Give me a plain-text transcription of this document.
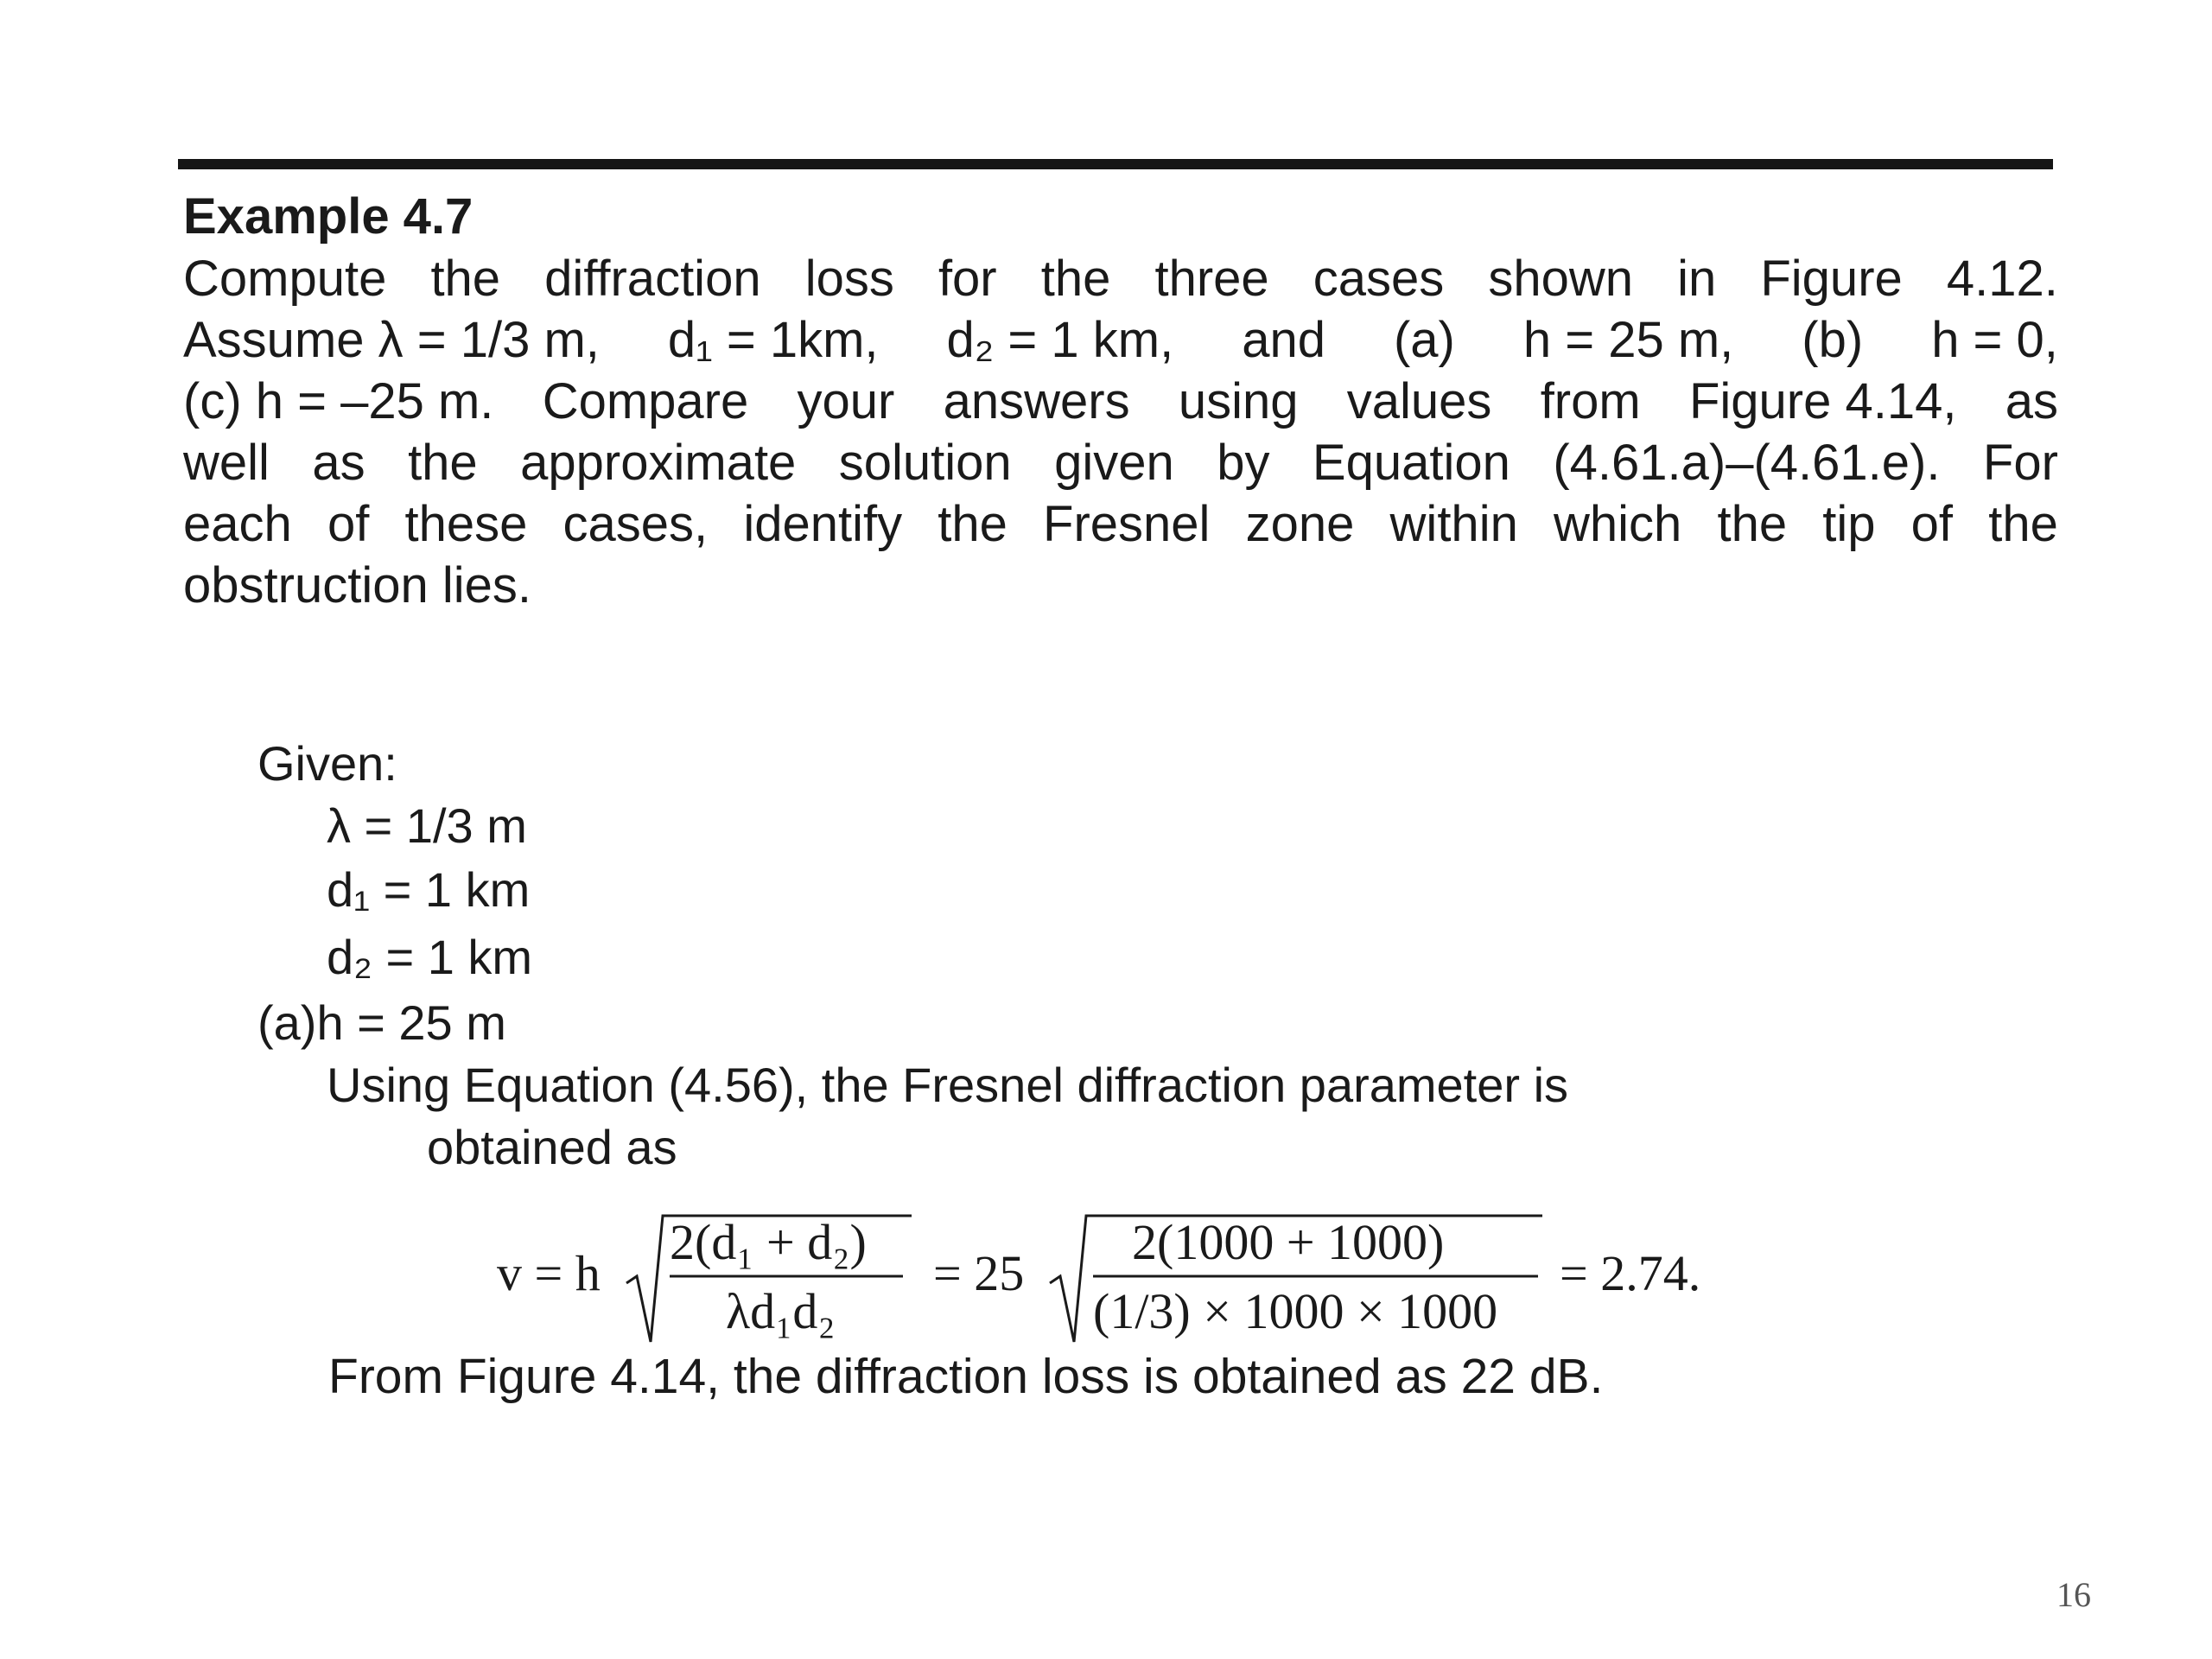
Example 4.7
Compute the diffraction loss for the three cases shown in Figure 4.12.
Assume λ = 1/3 m, d₁ = 1km, d₂ = 1 km, and (a) h = 25 m, (b) h = 0,
(c) h = –25 m. Compare your answers using values from Figure 4.14, as
well as the approximate solution given by Equation (4.61.a)–(4.61.e). For
each of these cases, identify the Fresnel zone within which the tip of the
obstruction lies.
Given:
λ = 1/3 m
d₁ = 1 km
d₂ = 1 km
(a)h = 25 m
Using Equation (4.56), the Fresnel diffraction parameter is
obtained as
v = h
2(d₁ + d₂)
λd₁d₂
= 25
2(1000 + 1000)
(1/3) × 1000 × 1000
= 2.74.
From Figure 4.14, the diffraction loss is obtained as 22 dB.
16
